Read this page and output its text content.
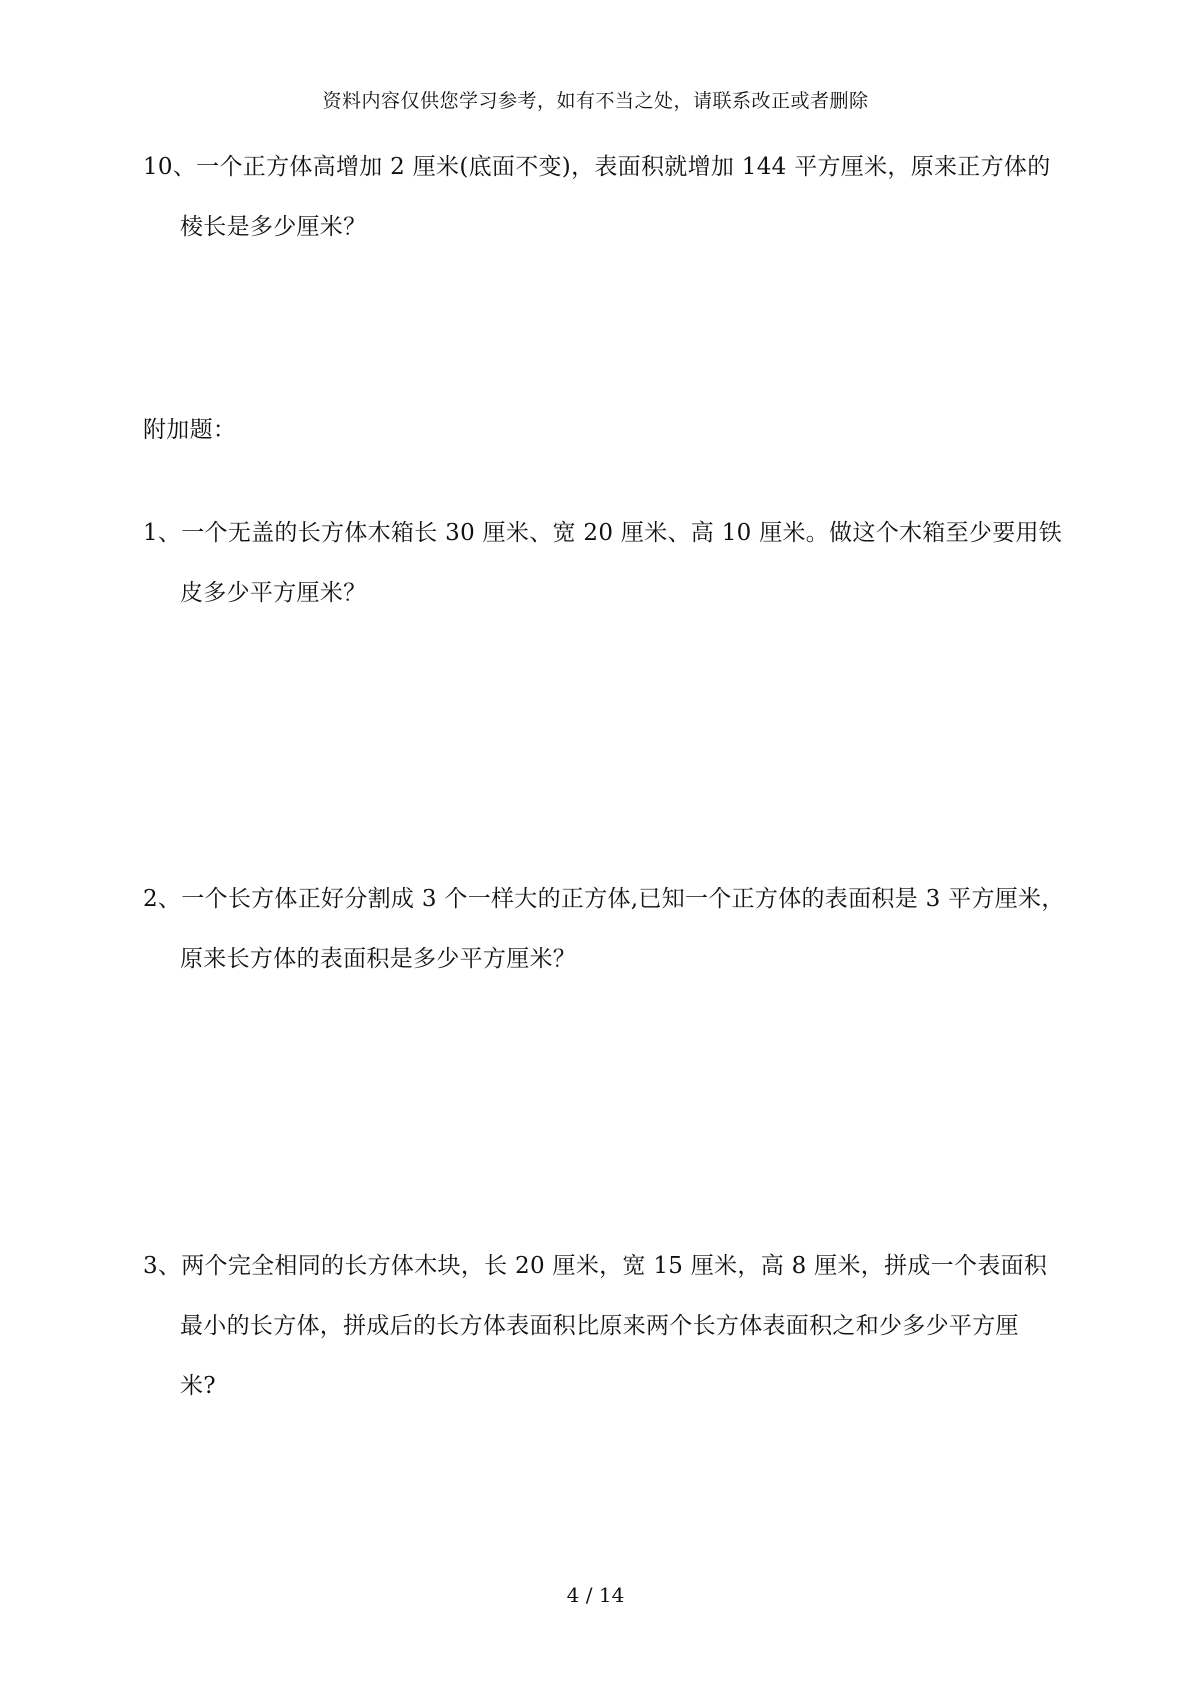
资料内容仅供您学习参考，如有不当之处，请联系改正或者删除
10、一个正方体高增加 2 厘米(底面不变)，表面积就增加 144 平方厘米，原来正方体的
棱长是多少厘米？
附加题：
1、一个无盖的长方体木箱长 30 厘米、宽 20 厘米、高 10 厘米。做这个木箱至少要用铁
皮多少平方厘米？
2、一个长方体正好分割成 3 个一样大的正方体,已知一个正方体的表面积是 3 平方厘米，
原来长方体的表面积是多少平方厘米？
3、两个完全相同的长方体木块，长 20 厘米，宽 15 厘米，高 8 厘米，拼成一个表面积
最小的长方体，拼成后的长方体表面积比原来两个长方体表面积之和少多少平方厘
米?
4 / 14
